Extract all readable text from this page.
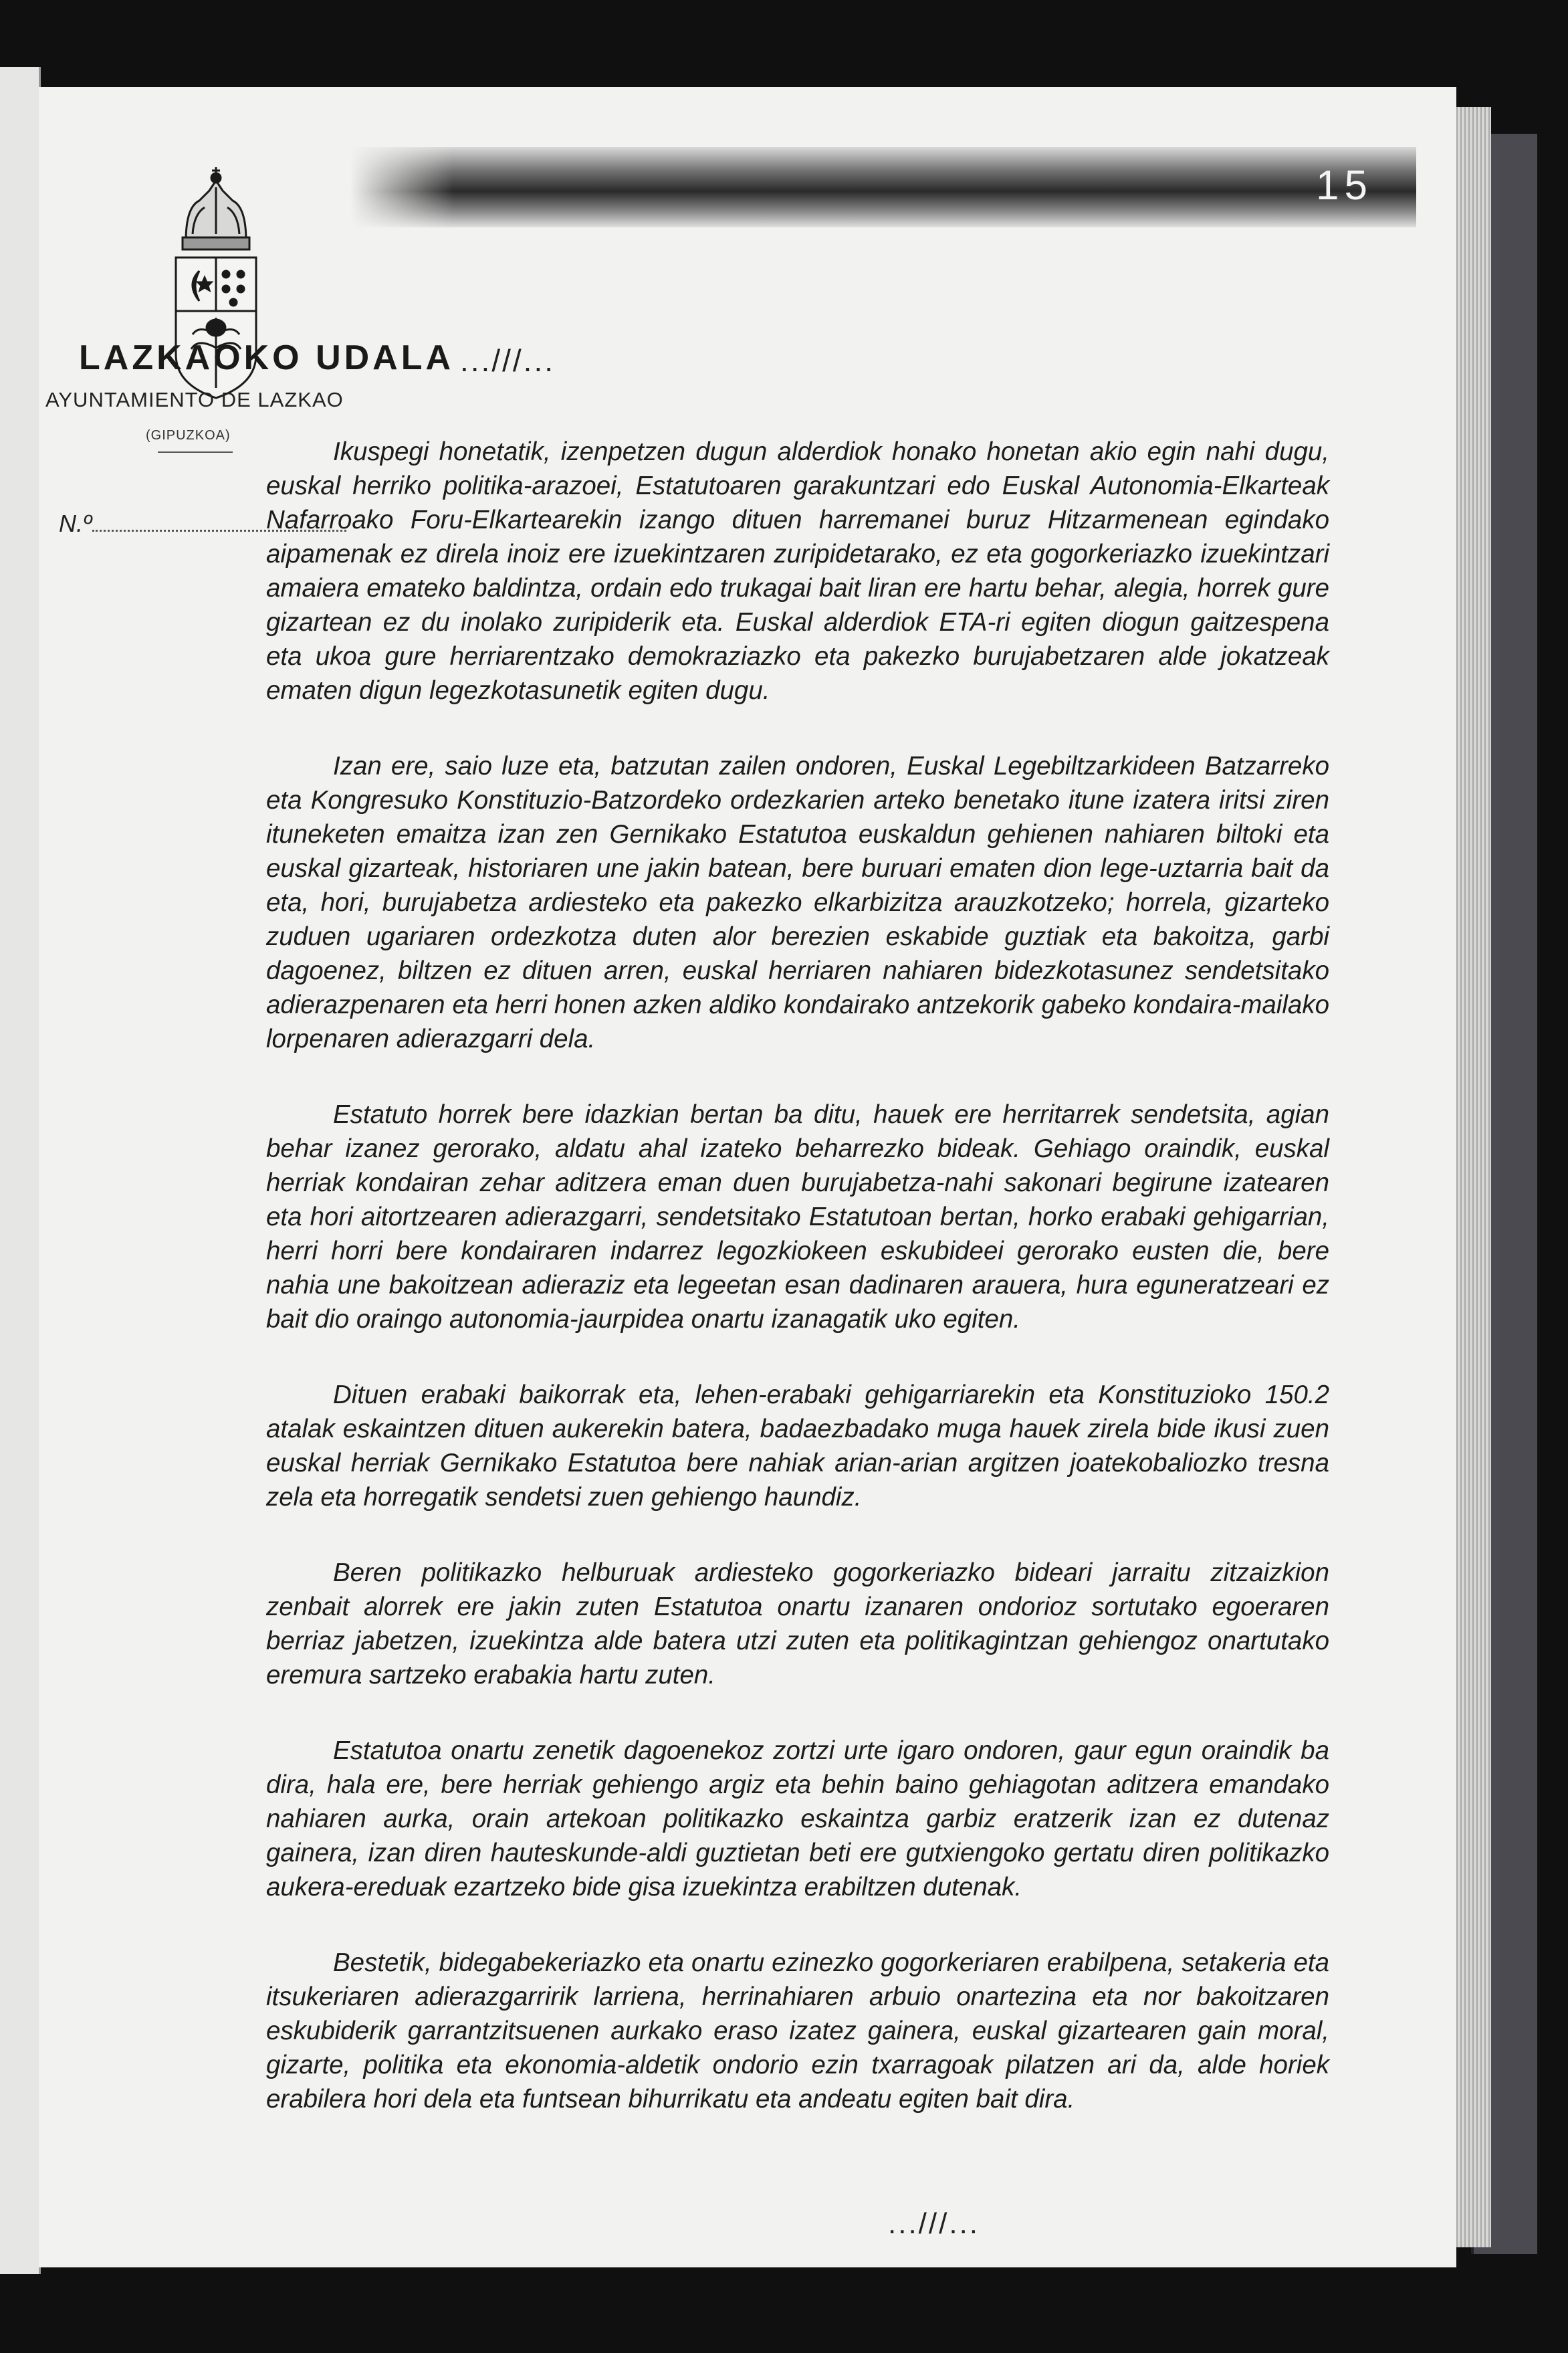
15
LAZKAOKO UDALA
AYUNTAMIENTO DE LAZKAO
(GIPUZKOA)
N.º
...///...

Ikuspegi honetatik, izenpetzen dugun alderdiok honako honetan akio egin nahi dugu, euskal herriko politika-arazoei, Estatutoaren garakuntzari edo Euskal Autonomia-Elkarteak Nafarroako Foru-Elkartearekin izango dituen harremanei buruz Hitzarmenean egindako aipamenak ez direla inoiz ere izuekintzaren zuripidetarako, ez eta gogorkeriazko izuekintzari amaiera emateko baldintza, ordain edo trukagai bait liran ere hartu behar, alegia, horrek gure gizartean ez du inolako zuripiderik eta. Euskal alderdiok ETA-ri egiten diogun gaitzespena eta ukoa gure herriarentzako demokraziazko eta pakezko burujabetzaren alde jokatzeak ematen digun legezkotasunetik egiten dugu.

Izan ere, saio luze eta, batzutan zailen ondoren, Euskal Legebiltzarkideen Batzarreko eta Kongresuko Konstituzio-Batzordeko ordezkarien arteko benetako itune izatera iritsi ziren ituneketen emaitza izan zen Gernikako Estatutoa euskaldun gehienen nahiaren biltoki eta euskal gizarteak, historiaren une jakin batean, bere buruari ematen dion lege-uztarria bait da eta, hori, burujabetza ardiesteko eta pakezko elkarbizitza arauzkotzeko; horrela, gizarteko zuduen ugariaren ordezkotza duten alor berezien eskabide guztiak eta bakoitza, garbi dagoenez, biltzen ez dituen arren, euskal herriaren nahiaren bidezkotasunez sendetsitako adierazpenaren eta herri honen azken aldiko kondairako antzekorik gabeko kondaira-mailako lorpenaren adierazgarri dela.

Estatuto horrek bere idazkian bertan ba ditu, hauek ere herritarrek sendetsita, agian behar izanez gerorako, aldatu ahal izateko beharrezko bideak. Gehiago oraindik, euskal herriak kondairan zehar aditzera eman duen burujabetza-nahi sakonari begirune izatearen eta hori aitortzearen adierazgarri, sendetsitako Estatutoan bertan, horko erabaki gehigarrian, herri horri bere kondairaren indarrez legozkiokeen eskubideei gerorako eusten die, bere nahia une bakoitzean adieraziz eta legeetan esan dadinaren arauera, hura eguneratzeari ez bait dio oraingo autonomia-jaurpidea onartu izanagatik uko egiten.

Dituen erabaki baikorrak eta, lehen-erabaki gehigarriarekin eta Konstituzioko 150.2 atalak eskaintzen dituen aukerekin batera, badaezbadako muga hauek zirela bide ikusi zuen euskal herriak Gernikako Estatutoa bere nahiak arian-arian argitzen joatekobaliozko tresna zela eta horregatik sendetsi zuen gehiengo haundiz.

Beren politikazko helburuak ardiesteko gogorkeriazko bideari jarraitu zitzaizkion zenbait alorrek ere jakin zuten Estatutoa onartu izanaren ondorioz sortutako egoeraren berriaz jabetzen, izuekintza alde batera utzi zuten eta politikagintzan gehiengoz onartutako eremura sartzeko erabakia hartu zuten.

Estatutoa onartu zenetik dagoenekoz zortzi urte igaro ondoren, gaur egun oraindik ba dira, hala ere, bere herriak gehiengo argiz eta behin baino gehiagotan aditzera emandako nahiaren aurka, orain artekoan politikazko eskaintza garbiz eratzerik izan ez dutenaz gainera, izan diren hauteskunde-aldi guztietan beti ere gutxiengoko gertatu diren politikazko aukera-ereduak ezartzeko bide gisa izuekintza erabiltzen dutenak.

Bestetik, bidegabekeriazko eta onartu ezinezko gogorkeriaren erabilpena, setakeria eta itsukeriaren adierazgarririk larriena, herrinahiaren arbuio onartezina eta nor bakoitzaren eskubiderik garrantzitsuenen aurkako eraso izatez gainera, euskal gizartearen gain moral, gizarte, politika eta ekonomia-aldetik ondorio ezin txarragoak pilatzen ari da, alde horiek erabilera hori dela eta funtsean bihurrikatu eta andeatu egiten bait dira.

...///...
